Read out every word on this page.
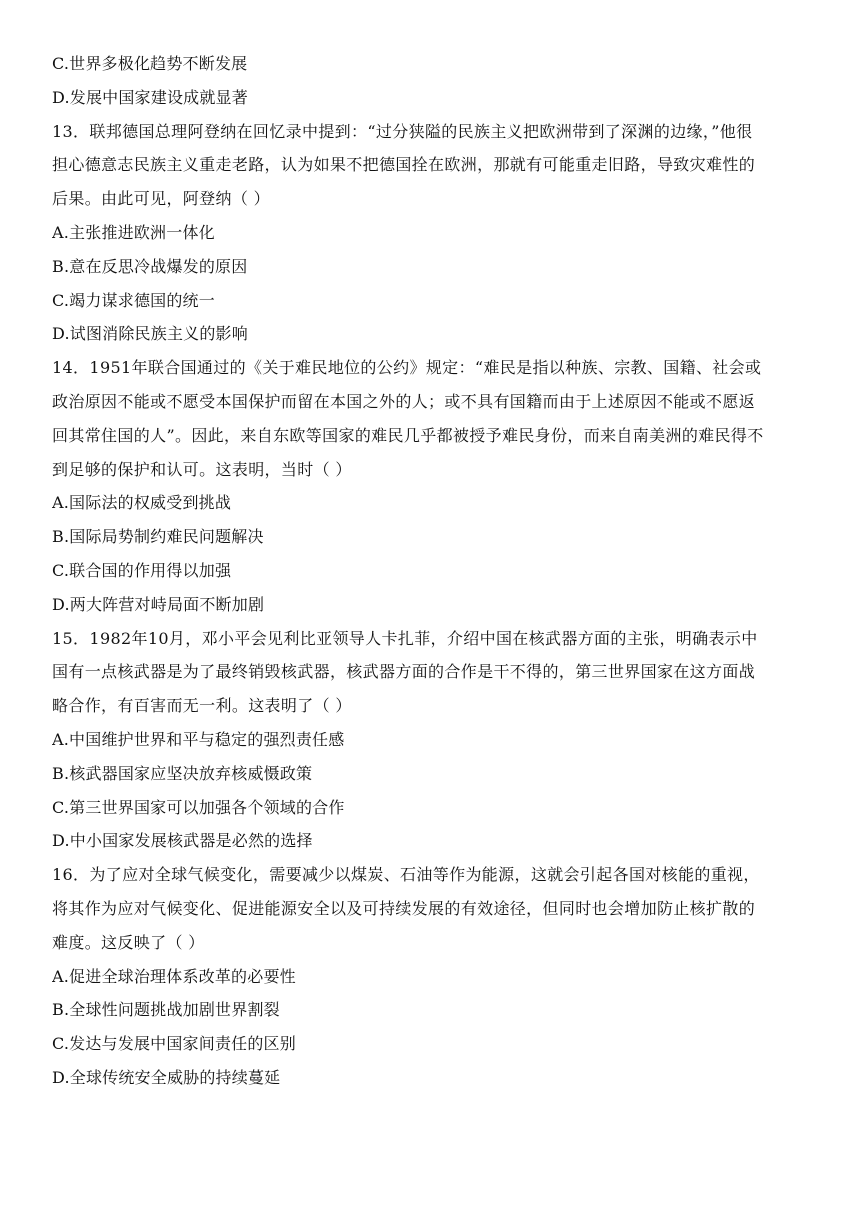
C.世界多极化趋势不断发展
D.发展中国家建设成就显著
13．联邦德国总理阿登纳在回忆录中提到：“过分狭隘的民族主义把欧洲带到了深渊的边缘，”他很
担心德意志民族主义重走老路，认为如果不把德国拴在欧洲，那就有可能重走旧路，导致灾难性的
后果。由此可见，阿登纳（ ）
A.主张推进欧洲一体化
B.意在反思冷战爆发的原因
C.竭力谋求德国的统一
D.试图消除民族主义的影响
14．1951年联合国通过的《关于难民地位的公约》规定：“难民是指以种族、宗教、国籍、社会或
政治原因不能或不愿受本国保护而留在本国之外的人；或不具有国籍而由于上述原因不能或不愿返
回其常住国的人”。因此，来自东欧等国家的难民几乎都被授予难民身份，而来自南美洲的难民得不
到足够的保护和认可。这表明，当时（ ）
A.国际法的权威受到挑战
B.国际局势制约难民问题解决
C.联合国的作用得以加强
D.两大阵营对峙局面不断加剧
15．1982年10月，邓小平会见利比亚领导人卡扎菲，介绍中国在核武器方面的主张，明确表示中
国有一点核武器是为了最终销毁核武器，核武器方面的合作是干不得的，第三世界国家在这方面战
略合作，有百害而无一利。这表明了（ ）
A.中国维护世界和平与稳定的强烈责任感
B.核武器国家应坚决放弃核威慑政策
C.第三世界国家可以加强各个领域的合作
D.中小国家发展核武器是必然的选择
16．为了应对全球气候变化，需要减少以煤炭、石油等作为能源，这就会引起各国对核能的重视，
将其作为应对气候变化、促进能源安全以及可持续发展的有效途径，但同时也会增加防止核扩散的
难度。这反映了（ ）
A.促进全球治理体系改革的必要性
B.全球性问题挑战加剧世界割裂
C.发达与发展中国家间责任的区别
D.全球传统安全威胁的持续蔓延
